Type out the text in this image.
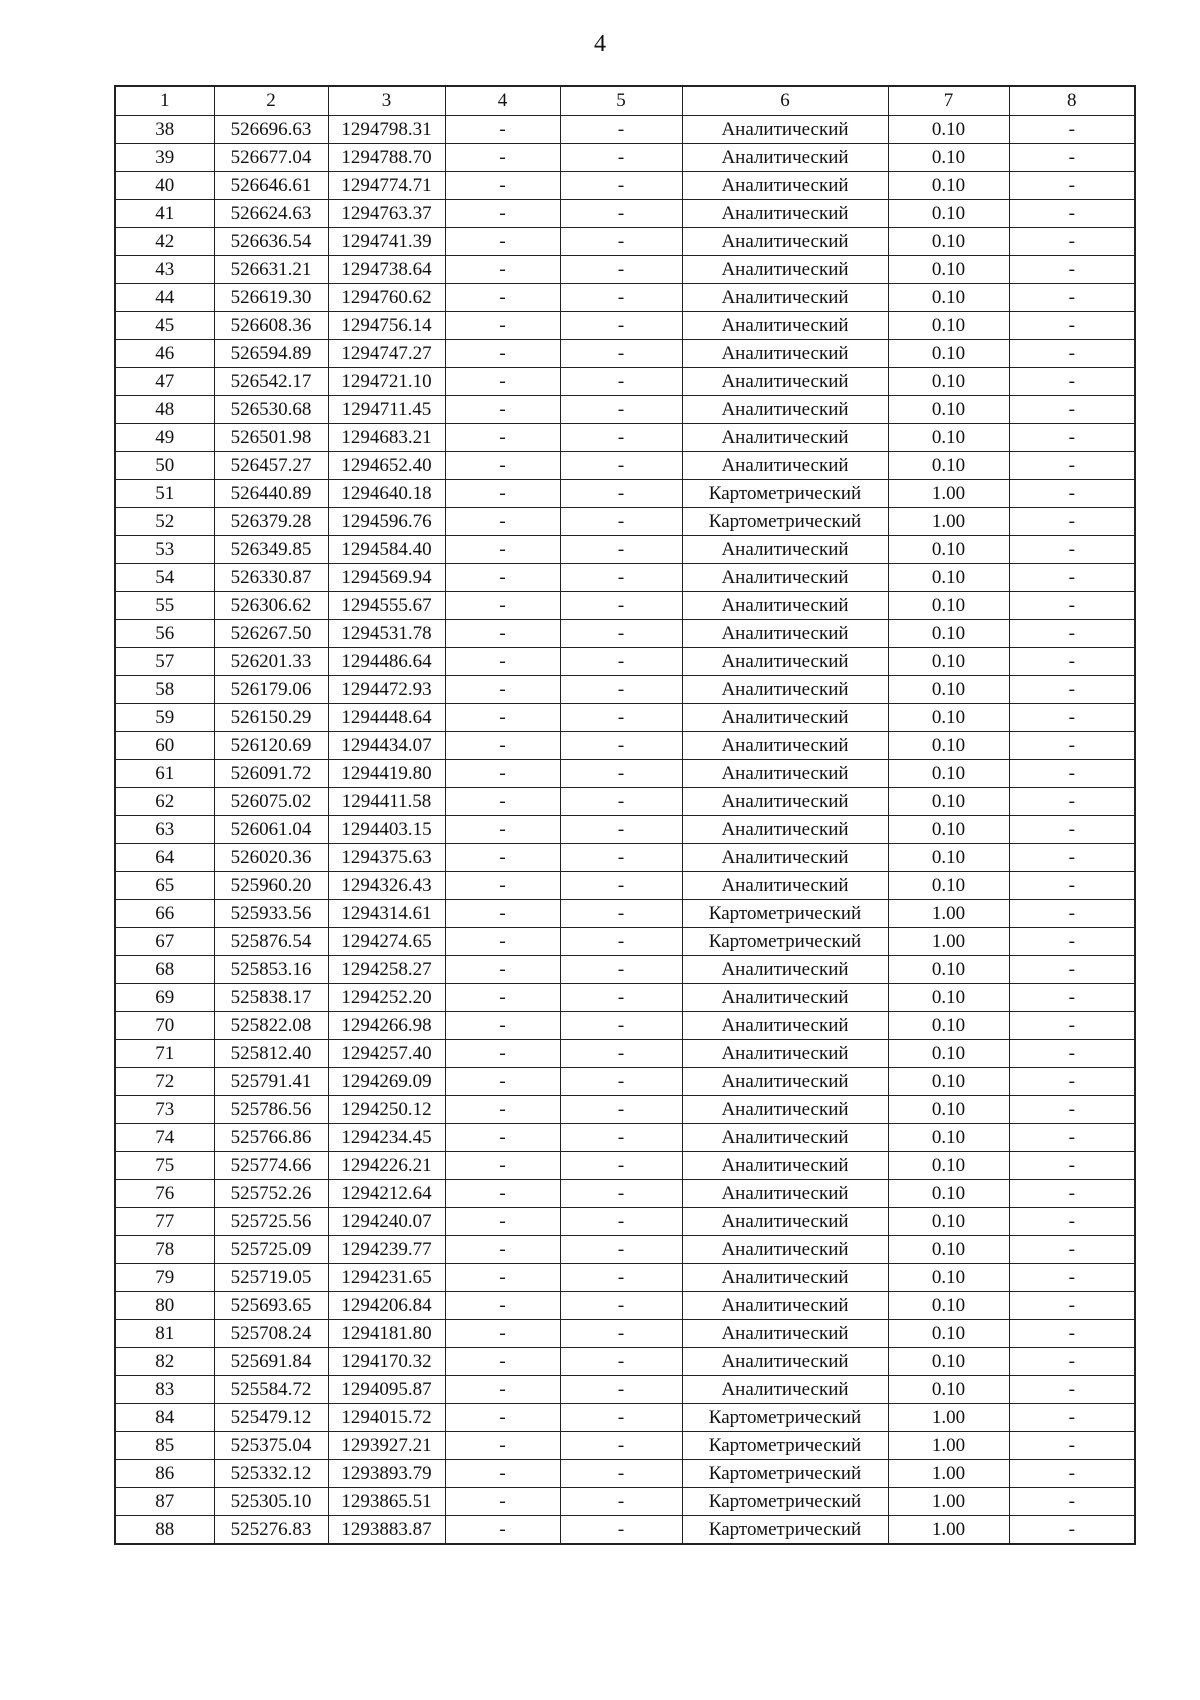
4
1	2	3	4	5	6	7	8
38	526696.63	1294798.31	-	-	Аналитический	0.10	-
39	526677.04	1294788.70	-	-	Аналитический	0.10	-
40	526646.61	1294774.71	-	-	Аналитический	0.10	-
41	526624.63	1294763.37	-	-	Аналитический	0.10	-
42	526636.54	1294741.39	-	-	Аналитический	0.10	-
43	526631.21	1294738.64	-	-	Аналитический	0.10	-
44	526619.30	1294760.62	-	-	Аналитический	0.10	-
45	526608.36	1294756.14	-	-	Аналитический	0.10	-
46	526594.89	1294747.27	-	-	Аналитический	0.10	-
47	526542.17	1294721.10	-	-	Аналитический	0.10	-
48	526530.68	1294711.45	-	-	Аналитический	0.10	-
49	526501.98	1294683.21	-	-	Аналитический	0.10	-
50	526457.27	1294652.40	-	-	Аналитический	0.10	-
51	526440.89	1294640.18	-	-	Картометрический	1.00	-
52	526379.28	1294596.76	-	-	Картометрический	1.00	-
53	526349.85	1294584.40	-	-	Аналитический	0.10	-
54	526330.87	1294569.94	-	-	Аналитический	0.10	-
55	526306.62	1294555.67	-	-	Аналитический	0.10	-
56	526267.50	1294531.78	-	-	Аналитический	0.10	-
57	526201.33	1294486.64	-	-	Аналитический	0.10	-
58	526179.06	1294472.93	-	-	Аналитический	0.10	-
59	526150.29	1294448.64	-	-	Аналитический	0.10	-
60	526120.69	1294434.07	-	-	Аналитический	0.10	-
61	526091.72	1294419.80	-	-	Аналитический	0.10	-
62	526075.02	1294411.58	-	-	Аналитический	0.10	-
63	526061.04	1294403.15	-	-	Аналитический	0.10	-
64	526020.36	1294375.63	-	-	Аналитический	0.10	-
65	525960.20	1294326.43	-	-	Аналитический	0.10	-
66	525933.56	1294314.61	-	-	Картометрический	1.00	-
67	525876.54	1294274.65	-	-	Картометрический	1.00	-
68	525853.16	1294258.27	-	-	Аналитический	0.10	-
69	525838.17	1294252.20	-	-	Аналитический	0.10	-
70	525822.08	1294266.98	-	-	Аналитический	0.10	-
71	525812.40	1294257.40	-	-	Аналитический	0.10	-
72	525791.41	1294269.09	-	-	Аналитический	0.10	-
73	525786.56	1294250.12	-	-	Аналитический	0.10	-
74	525766.86	1294234.45	-	-	Аналитический	0.10	-
75	525774.66	1294226.21	-	-	Аналитический	0.10	-
76	525752.26	1294212.64	-	-	Аналитический	0.10	-
77	525725.56	1294240.07	-	-	Аналитический	0.10	-
78	525725.09	1294239.77	-	-	Аналитический	0.10	-
79	525719.05	1294231.65	-	-	Аналитический	0.10	-
80	525693.65	1294206.84	-	-	Аналитический	0.10	-
81	525708.24	1294181.80	-	-	Аналитический	0.10	-
82	525691.84	1294170.32	-	-	Аналитический	0.10	-
83	525584.72	1294095.87	-	-	Аналитический	0.10	-
84	525479.12	1294015.72	-	-	Картометрический	1.00	-
85	525375.04	1293927.21	-	-	Картометрический	1.00	-
86	525332.12	1293893.79	-	-	Картометрический	1.00	-
87	525305.10	1293865.51	-	-	Картометрический	1.00	-
88	525276.83	1293883.87	-	-	Картометрический	1.00	-
